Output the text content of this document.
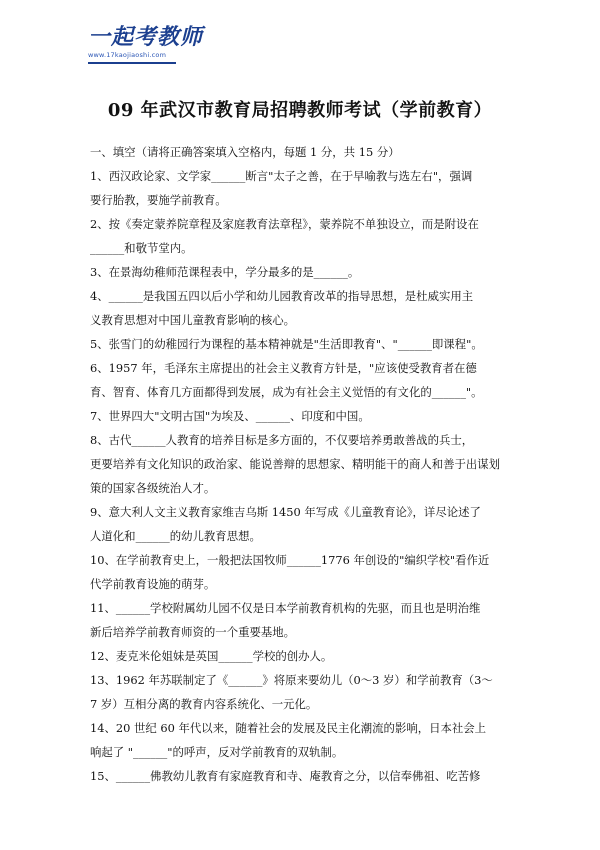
一起考教师
www.17kaojiaoshi.com
09 年武汉市教育局招聘教师考试（学前教育）
一、填空（请将正确答案填入空格内，每题 1 分，共 15 分）
1、西汉政论家、文学家______断言"太子之善，在于早喻教与选左右"，强调
要行胎教，要施学前教育。
2、按《奏定蒙养院章程及家庭教育法章程》，蒙养院不单独设立，而是附设在
______和敬节堂内。
3、在景海幼稚师范课程表中，学分最多的是______。
4、______是我国五四以后小学和幼儿园教育改革的指导思想，是杜威实用主
义教育思想对中国儿童教育影响的核心。
5、张雪门的幼稚园行为课程的基本精神就是"生活即教育"、"______即课程"。
6、1957 年，毛泽东主席提出的社会主义教育方针是，"应该使受教育者在德
育、智育、体育几方面都得到发展，成为有社会主义觉悟的有文化的______"。
7、世界四大"文明古国"为埃及、______、印度和中国。
8、古代______人教育的培养目标是多方面的，不仅要培养勇敢善战的兵士，
更要培养有文化知识的政治家、能说善辩的思想家、精明能干的商人和善于出谋划
策的国家各级统治人才。
9、意大利人文主义教育家维吉乌斯 1450 年写成《儿童教育论》，详尽论述了
人道化和______的幼儿教育思想。
10、在学前教育史上，一般把法国牧师______1776 年创设的"编织学校"看作近
代学前教育设施的萌芽。
11、______学校附属幼儿园不仅是日本学前教育机构的先驱，而且也是明治维
新后培养学前教育师资的一个重要基地。
12、麦克米伦姐妹是英国______学校的创办人。
13、1962 年苏联制定了《______》将原来要幼儿（0～3 岁）和学前教育（3～
7 岁）互相分离的教育内容系统化、一元化。
14、20 世纪 60 年代以来，随着社会的发展及民主化潮流的影响，日本社会上
响起了 "______"的呼声，反对学前教育的双轨制。
15、______佛教幼儿教育有家庭教育和寺、庵教育之分，以信奉佛祖、吃苦修
